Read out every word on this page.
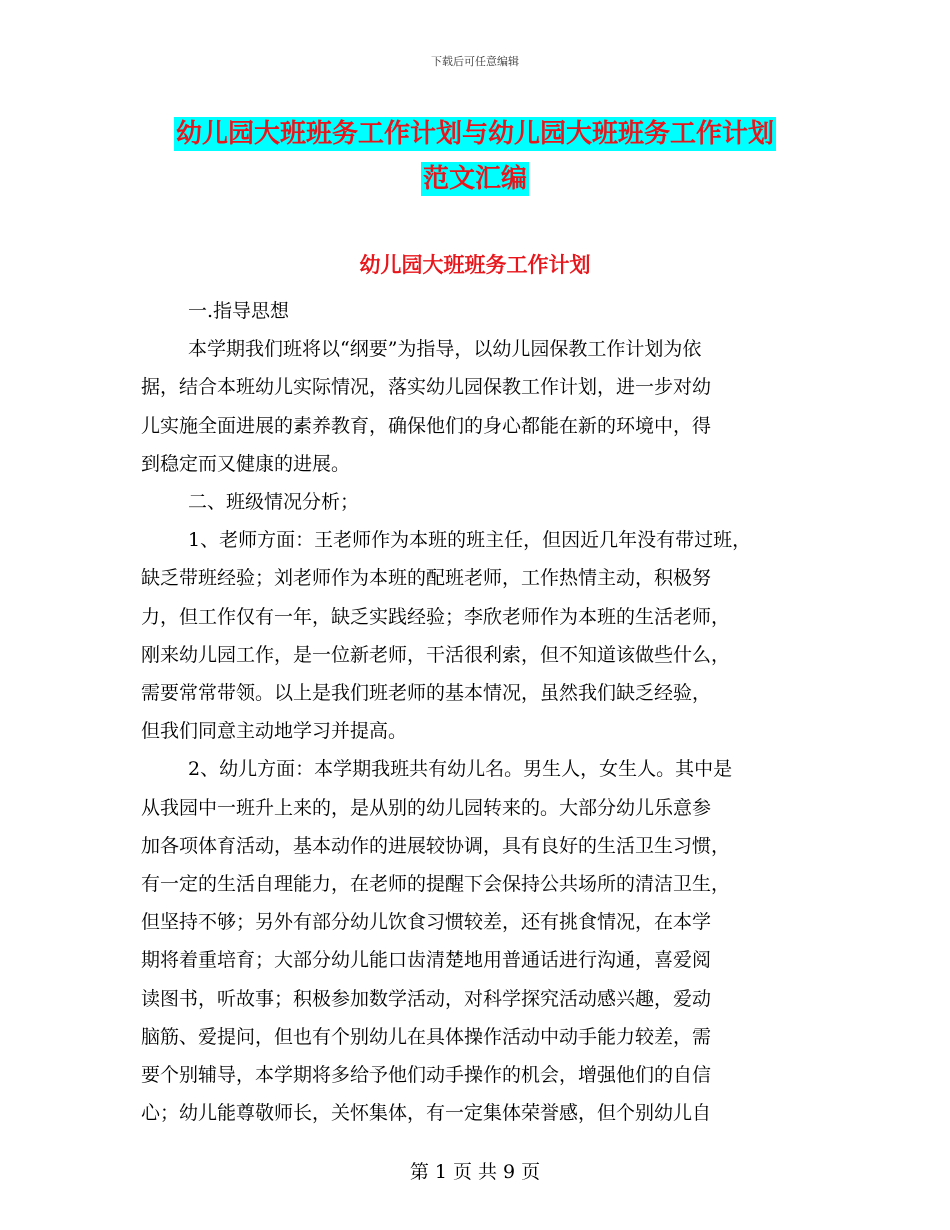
下载后可任意编辑
幼儿园大班班务工作计划与幼儿园大班班务工作计划
范文汇编
幼儿园大班班务工作计划

一.指导思想

本学期我们班将以“纲要”为指导，以幼儿园保教工作计划为依
据，结合本班幼儿实际情况，落实幼儿园保教工作计划，进一步对幼
儿实施全面进展的素养教育，确保他们的身心都能在新的环境中，得
到稳定而又健康的进展。

二、班级情况分析；

1、老师方面：王老师作为本班的班主任，但因近几年没有带过班，
缺乏带班经验；刘老师作为本班的配班老师，工作热情主动，积极努
力，但工作仅有一年，缺乏实践经验；李欣老师作为本班的生活老师，
刚来幼儿园工作，是一位新老师，干活很利索，但不知道该做些什么，
需要常常带领。以上是我们班老师的基本情况，虽然我们缺乏经验，
但我们同意主动地学习并提高。

2、幼儿方面：本学期我班共有幼儿名。男生人，女生人。其中是
从我园中一班升上来的，是从别的幼儿园转来的。大部分幼儿乐意参
加各项体育活动，基本动作的进展较协调，具有良好的生活卫生习惯，
有一定的生活自理能力，在老师的提醒下会保持公共场所的清洁卫生，
但坚持不够；另外有部分幼儿饮食习惯较差，还有挑食情况，在本学
期将着重培育；大部分幼儿能口齿清楚地用普通话进行沟通，喜爱阅
读图书，听故事；积极参加数学活动，对科学探究活动感兴趣，爱动
脑筋、爱提问，但也有个别幼儿在具体操作活动中动手能力较差，需
要个别辅导，本学期将多给予他们动手操作的机会，增强他们的自信
心；幼儿能尊敬师长，关怀集体，有一定集体荣誉感，但个别幼儿自

第 1 页 共 9 页
